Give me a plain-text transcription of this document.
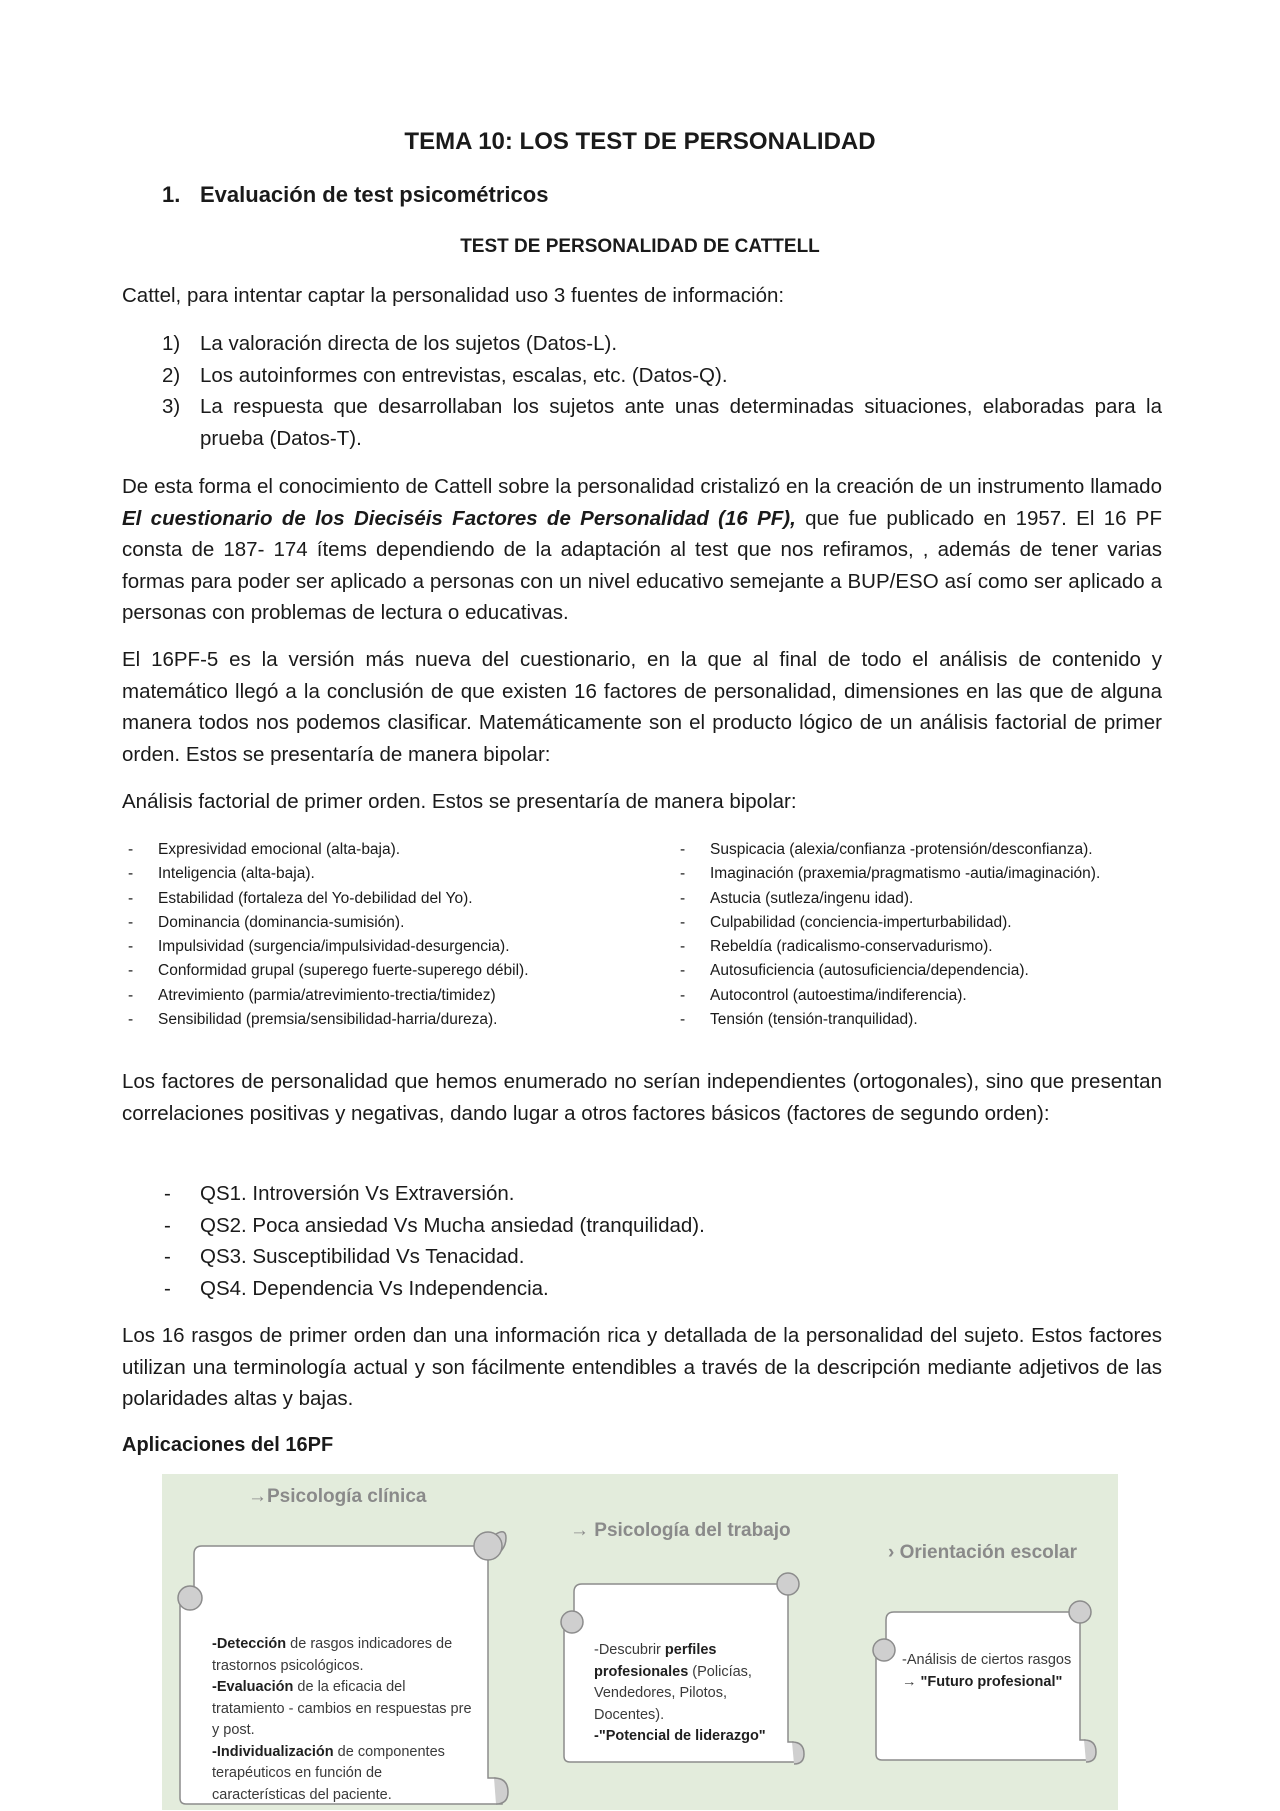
TEMA 10: LOS TEST DE PERSONALIDAD
1. Evaluación de test psicométricos
TEST DE PERSONALIDAD DE CATTELL
Cattel, para intentar captar la personalidad uso 3 fuentes de información:
1) La valoración directa de los sujetos (Datos-L).
2) Los autoinformes con entrevistas, escalas, etc. (Datos-Q).
3) La respuesta que desarrollaban los sujetos ante unas determinadas situaciones, elaboradas para la prueba (Datos-T).
De esta forma el conocimiento de Cattell sobre la personalidad cristalizó en la creación de un instrumento llamado El cuestionario de los Dieciséis Factores de Personalidad (16 PF), que fue publicado en 1957. El 16 PF consta de 187- 174 ítems dependiendo de la adaptación al test que nos refiramos, , además de tener varias formas para poder ser aplicado a personas con un nivel educativo semejante a BUP/ESO así como ser aplicado a personas con problemas de lectura o educativas.
El 16PF-5 es la versión más nueva del cuestionario, en la que al final de todo el análisis de contenido y matemático llegó a la conclusión de que existen 16 factores de personalidad, dimensiones en las que de alguna manera todos nos podemos clasificar. Matemáticamente son el producto lógico de un análisis factorial de primer orden. Estos se presentaría de manera bipolar:
Análisis factorial de primer orden. Estos se presentaría de manera bipolar:
- Expresividad emocional (alta-baja).
- Inteligencia (alta-baja).
- Estabilidad (fortaleza del Yo-debilidad del Yo).
- Dominancia (dominancia-sumisión).
- Impulsividad (surgencia/impulsividad-desurgencia).
- Conformidad grupal (superego fuerte-superego débil).
- Atrevimiento (parmia/atrevimiento-trectia/timidez)
- Sensibilidad (premsia/sensibilidad-harria/dureza).
- Suspicacia (alexia/confianza -protensión/desconfianza).
- Imaginación (praxemia/pragmatismo -autia/imaginación).
- Astucia (sutleza/ingenu idad).
- Culpabilidad (conciencia-imperturbabilidad).
- Rebeldía (radicalismo-conservadurismo).
- Autosuficiencia (autosuficiencia/dependencia).
- Autocontrol (autoestima/indiferencia).
- Tensión (tensión-tranquilidad).
Los factores de personalidad que hemos enumerado no serían independientes (ortogonales), sino que presentan correlaciones positivas y negativas, dando lugar a otros factores básicos (factores de segundo orden):
- QS1. Introversión Vs Extraversión.
- QS2. Poca ansiedad Vs Mucha ansiedad (tranquilidad).
- QS3. Susceptibilidad Vs Tenacidad.
- QS4. Dependencia Vs Independencia.
Los 16 rasgos de primer orden dan una información rica y detallada de la personalidad del sujeto. Estos factores utilizan una terminología actual y son fácilmente entendibles a través de la descripción mediante adjetivos de las polaridades altas y bajas.
Aplicaciones del 16PF
→Psicología clínica
→ Psicología del trabajo
› Orientación escolar
-Detección de rasgos indicadores de trastornos psicológicos.
-Evaluación de la eficacia del tratamiento - cambios en respuestas pre y post.
-Individualización de componentes terapéuticos en función de características del paciente.
-Descubrir perfiles profesionales (Policías, Vendedores, Pilotos, Docentes).
-"Potencial de liderazgo"
-Análisis de ciertos rasgos
→ "Futuro profesional"
